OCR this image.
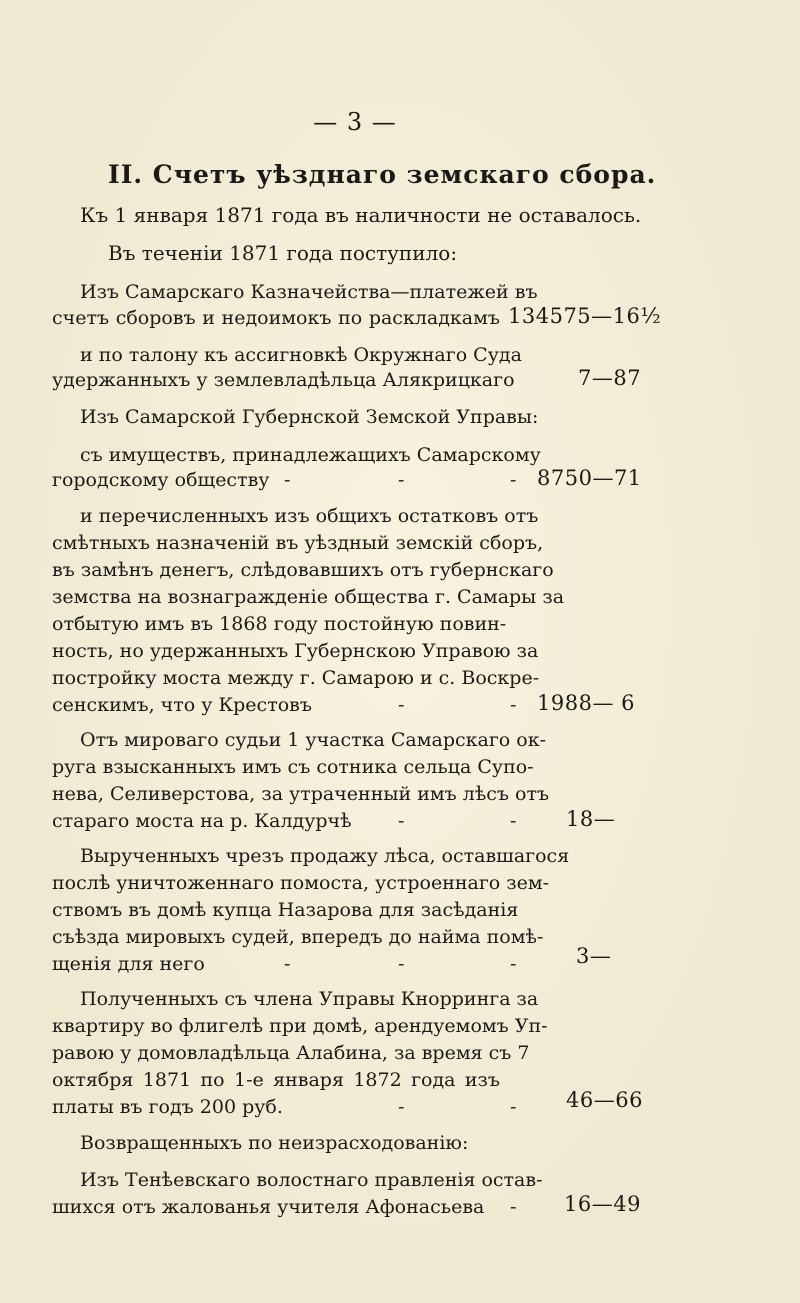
— 3 —
II. Счетъ уѣзднаго земскаго сбора.
Къ 1 января 1871 года въ наличности не оставалось.
Въ теченіи 1871 года поступило:
Изъ Самарскаго Казначейства—платежей въ
счетъ сборовъ и недоимокъ по раскладкамъ 134575—16½
и по талону къ ассигновкѣ Окружнаго Суда
удержанныхъ у землевладѣльца Алякрицкаго	7—87
Изъ Самарской Губернской Земской Управы:
съ имуществъ, принадлежащихъ Самарскому
городскому обществу -	-	- 8750—71
и перечисленныхъ изъ общихъ остатковъ отъ
смѣтныхъ назначеній въ уѣздный земскій сборъ,
въ замѣнъ денегъ, слѣдовавшихъ отъ губернскаго
земства на вознагражденіе общества г. Самары за
отбытую имъ въ 1868 году постойную повин-
ность, но удержанныхъ Губернскою Управою за
постройку моста между г. Самарою и с. Воскре-
сенскимъ, что у Крестовъ	-	- 1988— 6
Отъ мироваго судьи 1 участка Самарскаго ок-
руга взысканныхъ имъ съ сотника сельца Супо-
нева, Селиверстова, за утраченный имъ лѣсъ отъ
стараго моста на р. Калдурчѣ -	- 18—
Вырученныхъ чрезъ продажу лѣса, оставшагося
послѣ уничтоженнаго помоста, устроеннаго зем-
ствомъ въ домѣ купца Назарова для засѣданія
съѣзда мировыхъ судей, впередъ до найма помѣ-
щенія для него	-	-	-	3—
Полученныхъ съ члена Управы Кнорринга за
квартиру во флигелѣ при домѣ, арендуемомъ Уп-
равою у домовладѣльца Алабина, за время съ 7
октября 1871 по 1-е января 1872 года изъ
платы въ годъ 200 руб.	-	- 46—66
Возвращенныхъ по неизрасходованію:
Изъ Тенѣевскаго волостнаго правленія остав-
шихся отъ жалованья учителя Афонасьева - 16—49
